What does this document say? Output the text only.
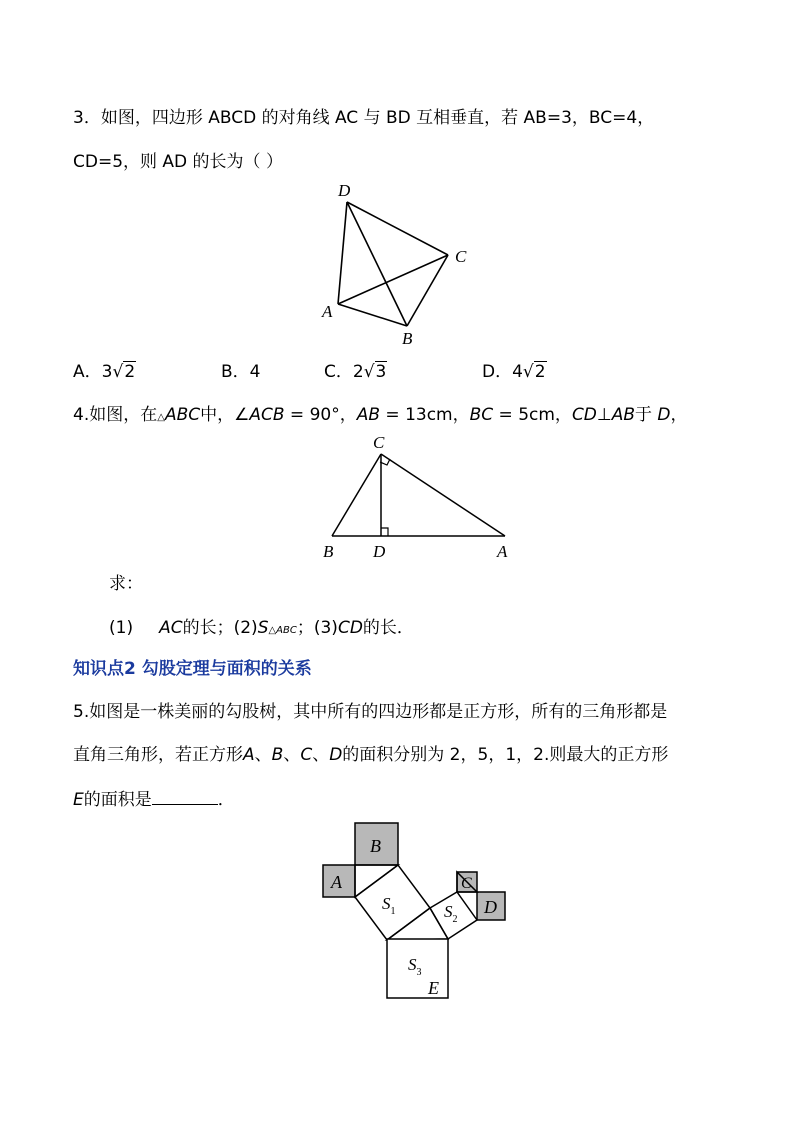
3．如图，四边形 ABCD 的对角线 AC 与 BD 互相垂直，若 AB=3，BC=4，
CD=5，则 AD 的长为（ ）
D
C
A
B
A．3√2	B．4	C．2√3	D．4√2
4.如图，在△ABC中，∠ACB = 90°，AB = 13cm，BC = 5cm，CD⊥AB于 D，
C
B D	A
求：
(1) AC的长；(2)S△ABC；(3)CD的长．
知识点2 勾股定理与面积的关系
5.如图是一株美丽的勾股树，其中所有的四边形都是正方形，所有的三角形都是
直角三角形，若正方形A、B、C、D的面积分别为 2，5，1，2.则最大的正方形
E的面积是	．
B
A	C
D
$S_1$	$S_2$
$S_3$
E
